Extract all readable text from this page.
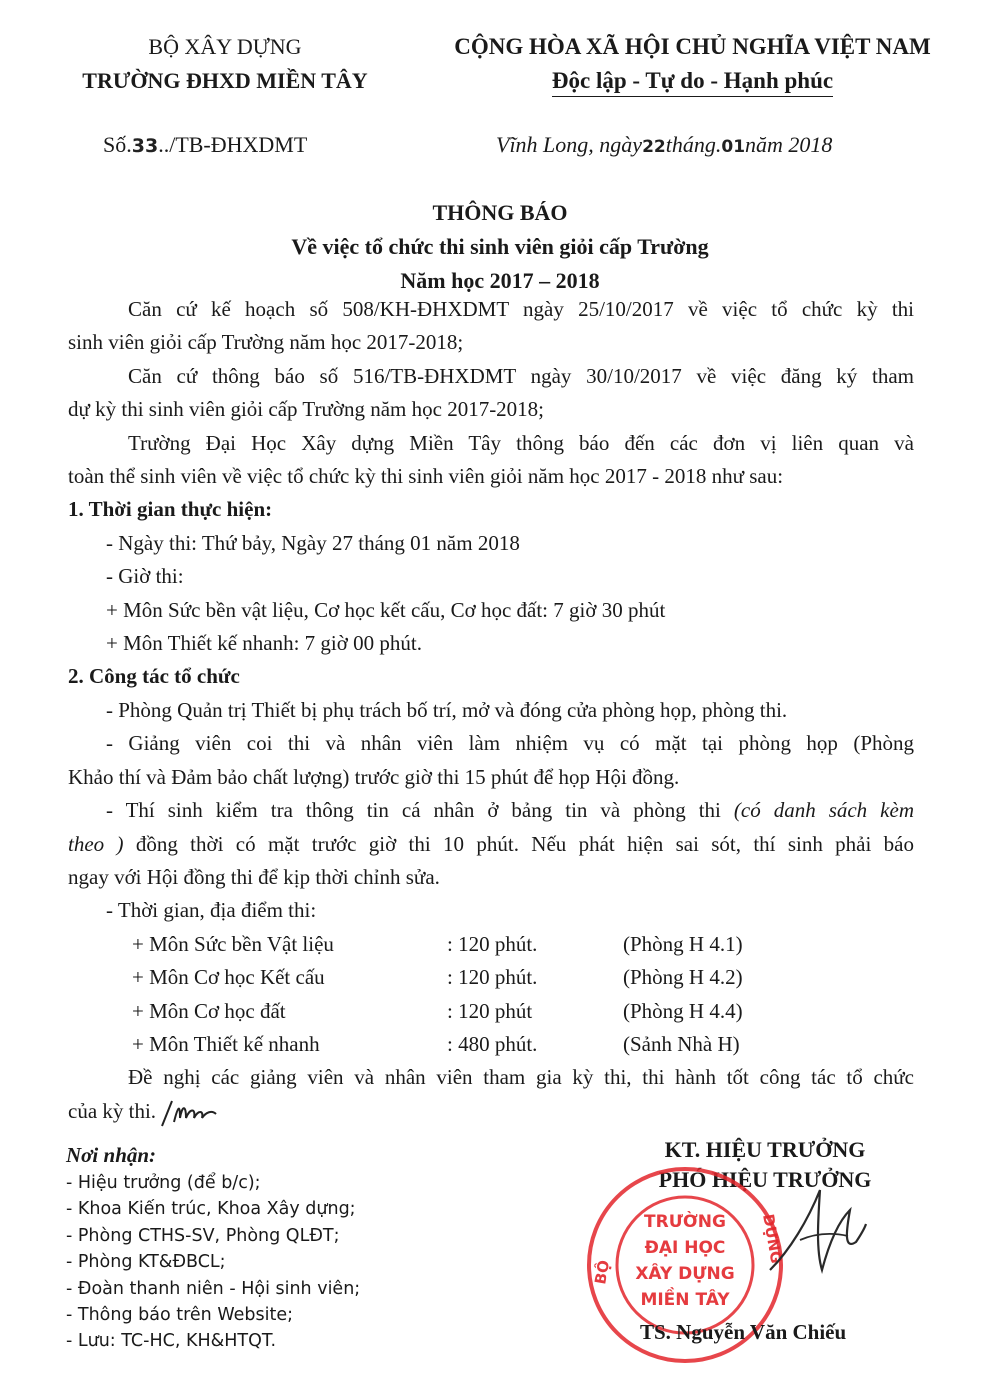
BỘ XÂY DỰNG
TRƯỜNG ĐHXD MIỀN TÂY
CỘNG HÒA XÃ HỘI CHỦ NGHĨA VIỆT NAM
Độc lập - Tự do - Hạnh phúc
Số.33../TB-ĐHXDMT	Vĩnh Long, ngày22tháng.01năm 2018
THÔNG BÁO
Về việc tổ chức thi sinh viên giỏi cấp Trường
Năm học 2017 – 2018

Căn cứ kế hoạch số 508/KH-ĐHXDMT ngày 25/10/2017 về việc tổ chức kỳ thi

sinh viên giỏi cấp Trường năm học 2017-2018;

Căn cứ thông báo số 516/TB-ĐHXDMT ngày 30/10/2017 về việc đăng ký tham

dự kỳ thi sinh viên giỏi cấp Trường năm học 2017-2018;

Trường Đại Học Xây dựng Miền Tây thông báo đến các đơn vị liên quan và

toàn thể sinh viên về việc tổ chức kỳ thi sinh viên giỏi năm học 2017 - 2018 như sau:

1. Thời gian thực hiện:

- Ngày thi: Thứ bảy, Ngày 27 tháng 01 năm 2018

- Giờ thi:

+ Môn Sức bền vật liệu, Cơ học kết cấu, Cơ học đất: 7 giờ 30 phút

+ Môn Thiết kế nhanh: 7 giờ 00 phút.

2. Công tác tổ chức

- Phòng Quản trị Thiết bị phụ trách bố trí, mở và đóng cửa phòng họp, phòng thi.

- Giảng viên coi thi và nhân viên làm nhiệm vụ có mặt tại phòng họp (Phòng

Khảo thí và Đảm bảo chất lượng) trước giờ thi 15 phút để họp Hội đồng.

- Thí sinh kiểm tra thông tin cá nhân ở bảng tin và phòng thi (có danh sách kèm

theo ) đồng thời có mặt trước giờ thi 10 phút. Nếu phát hiện sai sót, thí sinh phải báo

ngay với Hội đồng thi để kịp thời chỉnh sửa.

- Thời gian, địa điểm thi:

+ Môn Sức bền Vật liệu	: 120 phút.	(Phòng H 4.1)
+ Môn Cơ học Kết cấu	: 120 phút.	(Phòng H 4.2)
+ Môn Cơ học đất	: 120 phút	(Phòng H 4.4)
+ Môn Thiết kế nhanh	: 480 phút.	(Sảnh Nhà H)

Đề nghị các giảng viên và nhân viên tham gia kỳ thi, thi hành tốt công tác tổ chức

của kỳ thi.

Nơi nhận:
- Hiệu trưởng (để b/c);
- Khoa Kiến trúc, Khoa Xây dựng;
- Phòng CTHS-SV, Phòng QLĐT;
- Phòng KT&ĐBCL;
- Đoàn thanh niên - Hội sinh viên;
- Thông báo trên Website;
- Lưu: TC-HC, KH&HTQT.
KT. HIỆU TRƯỞNG
PHÓ HIỆU TRƯỞNG
TRƯỜNG
ĐẠI HỌC
XÂY DỰNG
MIỀN TÂY
BỘ
DỰNG
TS. Nguyễn Văn Chiếu
